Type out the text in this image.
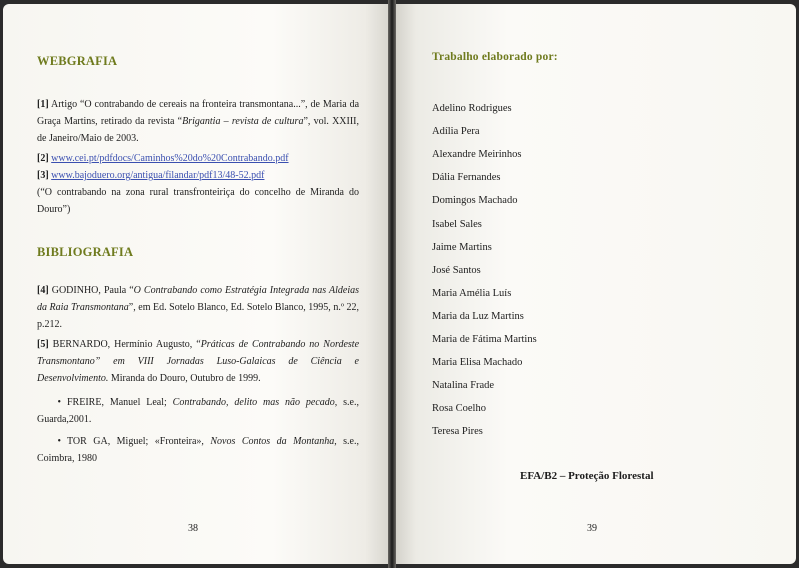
WEBGRAFIA
[1] Artigo “O contrabando de cereais na fronteira transmontana...”, de Maria da Graça Martins, retirado da revista “Brigantia – revista de cultura”, vol. XXIII, de Janeiro/Maio de 2003.
[2] www.cei.pt/pdfdocs/Caminhos%20do%20Contrabando.pdf
[3] www.bajoduero.org/antigua/filandar/pdf13/48-52.pdf
(“O contrabando na zona rural transfronteiriça do concelho de Miranda do Douro”)
BIBLIOGRAFIA
[4] GODINHO, Paula “O Contrabando como Estratégia Integrada nas Aldeias da Raia Transmontana”, em Ed. Sotelo Blanco, Ed. Sotelo Blanco, 1995, n.º 22, p.212.
[5] BERNARDO, Hermínio Augusto, “Práticas de Contrabando no Nordeste Transmontano” em VIII Jornadas Luso-Galaicas de Ciência e Desenvolvimento. Miranda do Douro, Outubro de 1999.
• FREIRE, Manuel Leal; Contrabando, delito mas não pecado, s.e., Guarda,2001.
• TOR GA, Miguel; «Fronteira», Novos Contos da Montanha, s.e., Coimbra, 1980
38
Trabalho elaborado por:
Adelino Rodrigues
Adília Pera
Alexandre Meirinhos
Dália Fernandes
Domingos Machado
Isabel Sales
Jaime Martins
José Santos
Maria Amélia Luís
Maria da Luz Martins
Maria de Fátima Martins
Maria Elisa Machado
Natalina Frade
Rosa Coelho
Teresa Pires
EFA/B2 – Proteção Florestal
39
